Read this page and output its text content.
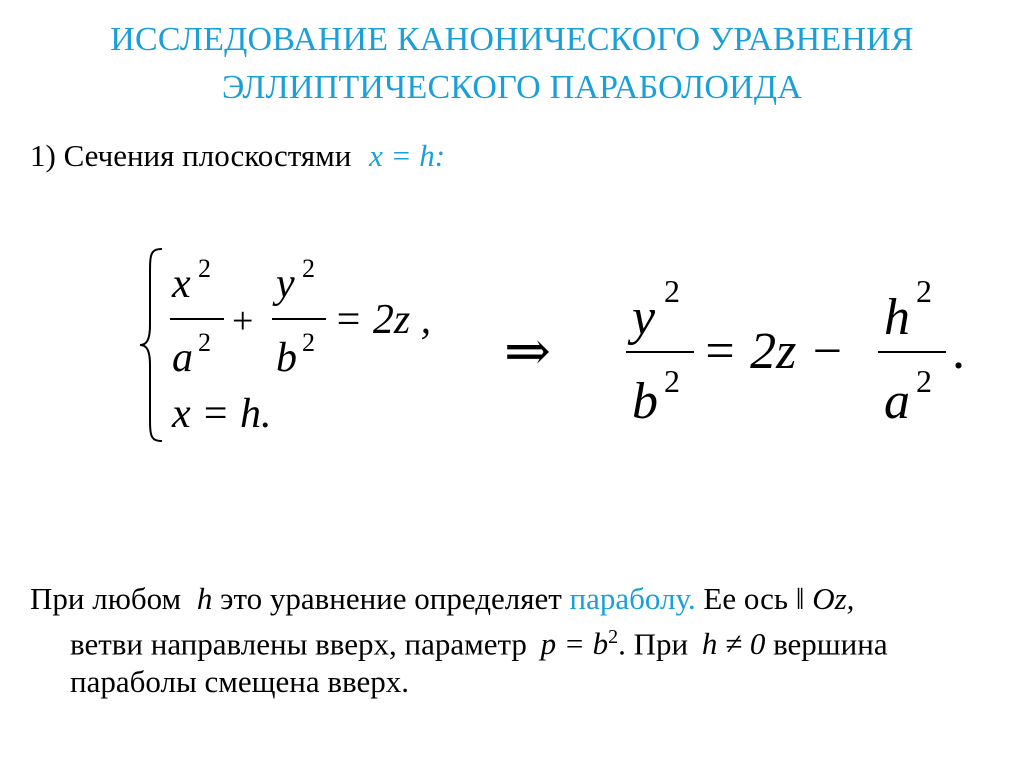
ИССЛЕДОВАНИЕ КАНОНИЧЕСКОГО УРАВНЕНИЯ
ЭЛЛИПТИЧЕСКОГО ПАРАБОЛОИДА
1) Сечения плоскостями x = h:
x 2
a 2
+
y 2
b 2 = 2z ,
x = h.
⇒
y 2
b 2
= 2z −
h 2
a 2
.
При любом h это уравнение определяет параболу. Ее ось ‖ Oz,
ветви направлены вверх, параметр $p = b^2$. При h ≠ 0 вершина
параболы смещена вверх.
